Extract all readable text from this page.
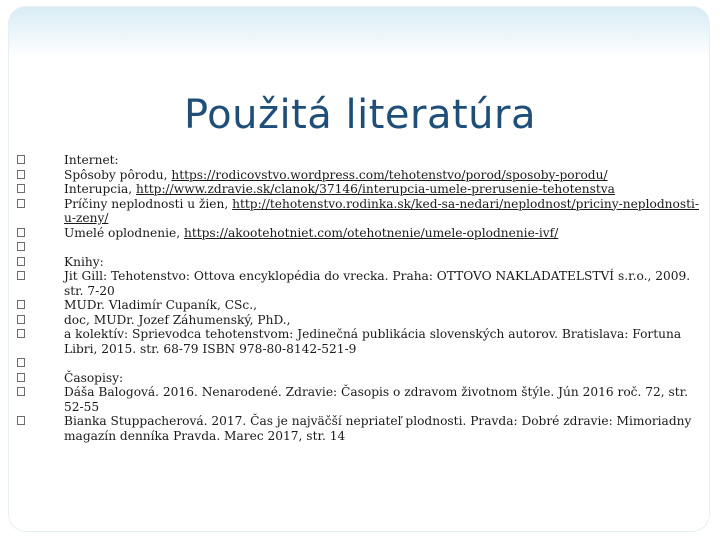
Použitá literatúra
Internet:
Spôsoby pôrodu, https://rodicovstvo.wordpress.com/tehotenstvo/porod/sposoby-porodu/
Interupcia, http://www.zdravie.sk/clanok/37146/interupcia-umele-prerusenie-tehotenstva
Príčiny neplodnosti u žien, http://tehotenstvo.rodinka.sk/ked-sa-nedari/neplodnost/priciny-neplodnosti-u-zeny/
Umelé oplodnenie, https://akootehotniet.com/otehotnenie/umele-oplodnenie-ivf/
Knihy:
Jit Gill: Tehotenstvo: Ottova encyklopédia do vrecka. Praha: OTTOVO NAKLADATELSTVÍ s.r.o., 2009. str. 7-20
MUDr. Vladimír Cupaník, CSc.,
doc, MUDr. Jozef Záhumenský, PhD.,
a kolektív: Sprievodca tehotenstvom: Jedinečná publikácia slovenských autorov. Bratislava: Fortuna Libri, 2015. str. 68-79 ISBN 978-80-8142-521-9
Časopisy:
Dáša Balogová. 2016. Nenarodené. Zdravie: Časopis o zdravom životnom štýle. Jún 2016 roč. 72, str. 52-55
Bianka Stuppacherová. 2017. Čas je najväčší nepriateľ plodnosti. Pravda: Dobré zdravie: Mimoriadny magazín denníka Pravda. Marec 2017, str. 14
